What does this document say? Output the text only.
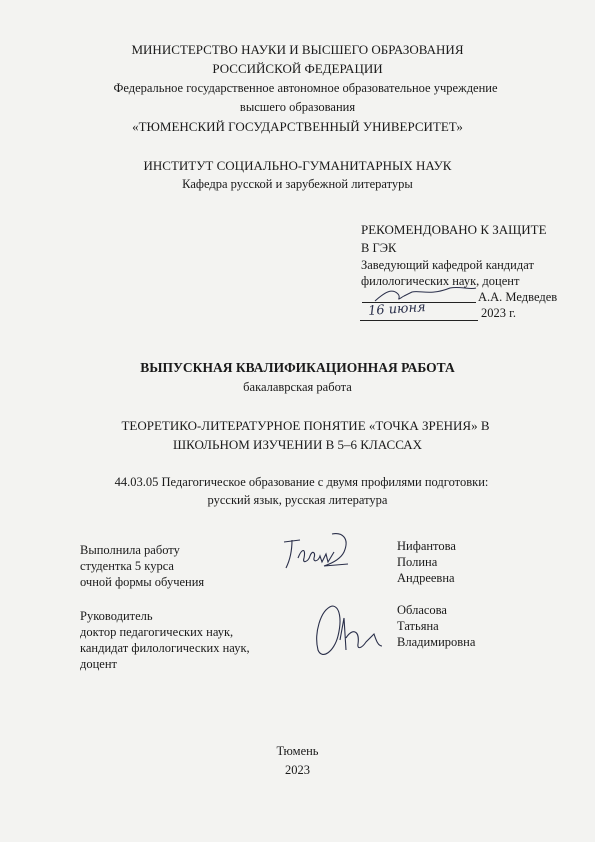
МИНИСТЕРСТВО НАУКИ И ВЫСШЕГО ОБРАЗОВАНИЯ
РОССИЙСКОЙ ФЕДЕРАЦИИ
Федеральное государственное автономное образовательное учреждение
высшего образования
«ТЮМЕНСКИЙ ГОСУДАРСТВЕННЫЙ УНИВЕРСИТЕТ»
ИНСТИТУТ СОЦИАЛЬНО-ГУМАНИТАРНЫХ НАУК
Кафедра русской и зарубежной литературы
РЕКОМЕНДОВАНО К ЗАЩИТЕ
В ГЭК
Заведующий кафедрой кандидат
филологических наук, доцент
А.А. Медведев
2023 г.
16 июня
ВЫПУСКНАЯ КВАЛИФИКАЦИОННАЯ РАБОТА
бакалаврская работа
ТЕОРЕТИКО-ЛИТЕРАТУРНОЕ ПОНЯТИЕ «ТОЧКА ЗРЕНИЯ» В
ШКОЛЬНОМ ИЗУЧЕНИИ В 5–6 КЛАССАХ
44.03.05 Педагогическое образование с двумя профилями подготовки:
русский язык, русская литература
Выполнила работу
студентка 5 курса
очной формы обучения
Нифантова
Полина
Андреевна
Руководитель
доктор педагогических наук,
кандидат филологических наук,
доцент
Обласова
Татьяна
Владимировна
Тюмень
2023
